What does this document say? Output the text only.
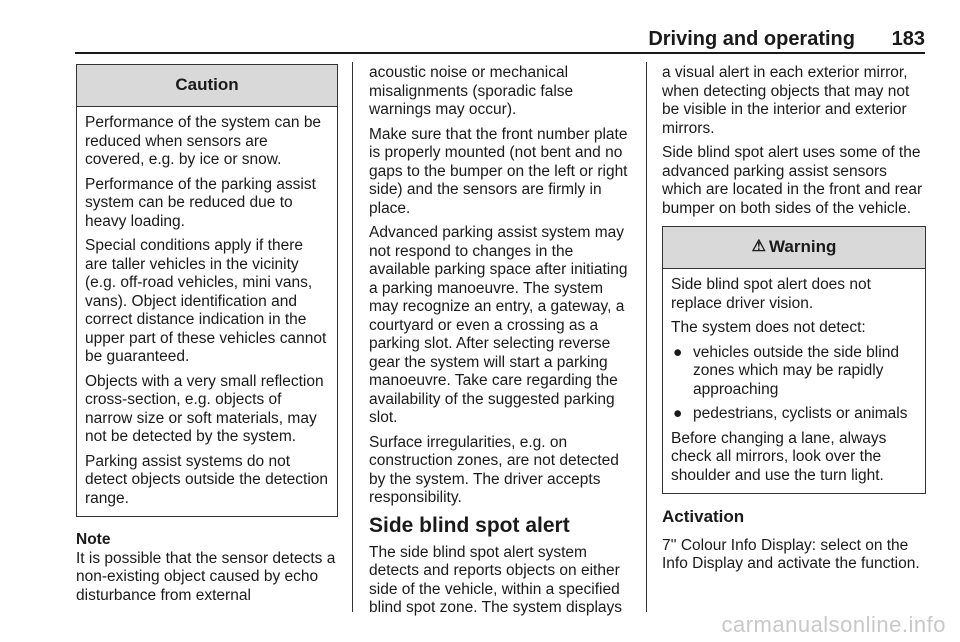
Driving and operating 183
Caution

Performance of the system can be reduced when sensors are covered, e.g. by ice or snow.

Performance of the parking assist system can be reduced due to heavy loading.

Special conditions apply if there are taller vehicles in the vicinity (e.g. off-road vehicles, mini vans, vans). Object identification and correct distance indication in the upper part of these vehicles cannot be guaranteed.

Objects with a very small reflection cross-section, e.g. objects of narrow size or soft materials, may not be detected by the system.

Parking assist systems do not detect objects outside the detection range.

Note
It is possible that the sensor detects a non-existing object caused by echo disturbance from external

acoustic noise or mechanical misalignments (sporadic false warnings may occur).

Make sure that the front number plate is properly mounted (not bent and no gaps to the bumper on the left or right side) and the sensors are firmly in place.

Advanced parking assist system may not respond to changes in the available parking space after initiating a parking manoeuvre. The system may recognize an entry, a gateway, a courtyard or even a crossing as a parking slot. After selecting reverse gear the system will start a parking manoeuvre. Take care regarding the availability of the suggested parking slot.

Surface irregularities, e.g. on construction zones, are not detected by the system. The driver accepts responsibility.

Side blind spot alert

The side blind spot alert system detects and reports objects on either side of the vehicle, within a specified blind spot zone. The system displays

a visual alert in each exterior mirror, when detecting objects that may not be visible in the interior and exterior mirrors.

Side blind spot alert uses some of the advanced parking assist sensors which are located in the front and rear bumper on both sides of the vehicle.

⚠ Warning

Side blind spot alert does not replace driver vision.

The system does not detect:

● vehicles outside the side blind zones which may be rapidly approaching
● pedestrians, cyclists or animals

Before changing a lane, always check all mirrors, look over the shoulder and use the turn light.

Activation

7'' Colour Info Display: select on the Info Display and activate the function.

carmanualsonline.info
